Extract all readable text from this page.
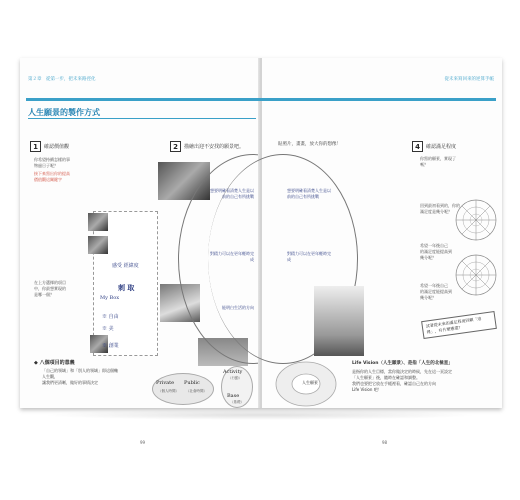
第２章　從第一步，把未來路徑化
人生願景的製作方式
1	確認價值觀
你希望持續怎樣的事
物過日子呢？
接下來寫出你的提高
價值觀這關鍵字
在上方選擇的項目
中，你最想實現的
是哪一個？
感受 經緯度
刺 取
My Box
※ 自由
※ 美
※ 創業
2	描繪出迎不安找的願景吧。
想要明確看清楚人生是以前的自己有所挑戰
對精力可以在更年輕時完成
能明白生活的方向
◆ 八個項目的意義
「自己的領域」和「別人的領域」即這個軸
人生觀，
讓我們更清晰，做好的事情決定	Private
（個人時間）
Public
（社會時間）
Activity
（行動）
Base
（基礎）
99
從未來寫回來的逆算手帳
貼照片，畫畫，放大你的想像！
想要明確看清楚人生是以前的自己有所挑戰
對精力可以在更年輕時完成
4	確認滿足程度
你寫的願景，實現了
嗎？
回到最初看到的，你的
滿足度是幾分呢？
希望一年後自己
的滿足度能提高到
幾分呢？
希望一年後自己
的滿足度能提高到
幾分呢？
試著從未來的滿足程度回顧「這裡」，有什麼應盡？
人生願景
Life Vision（人生願景）、是指「人生的北極星」
是指你的人生目標，當你做決定的時候，先在這一頁設定
「人生願景」後，隨時在確認和調整。
我們也要把它放在手帳裡看，確認自己在的方向
Life Vision 吧！
98
